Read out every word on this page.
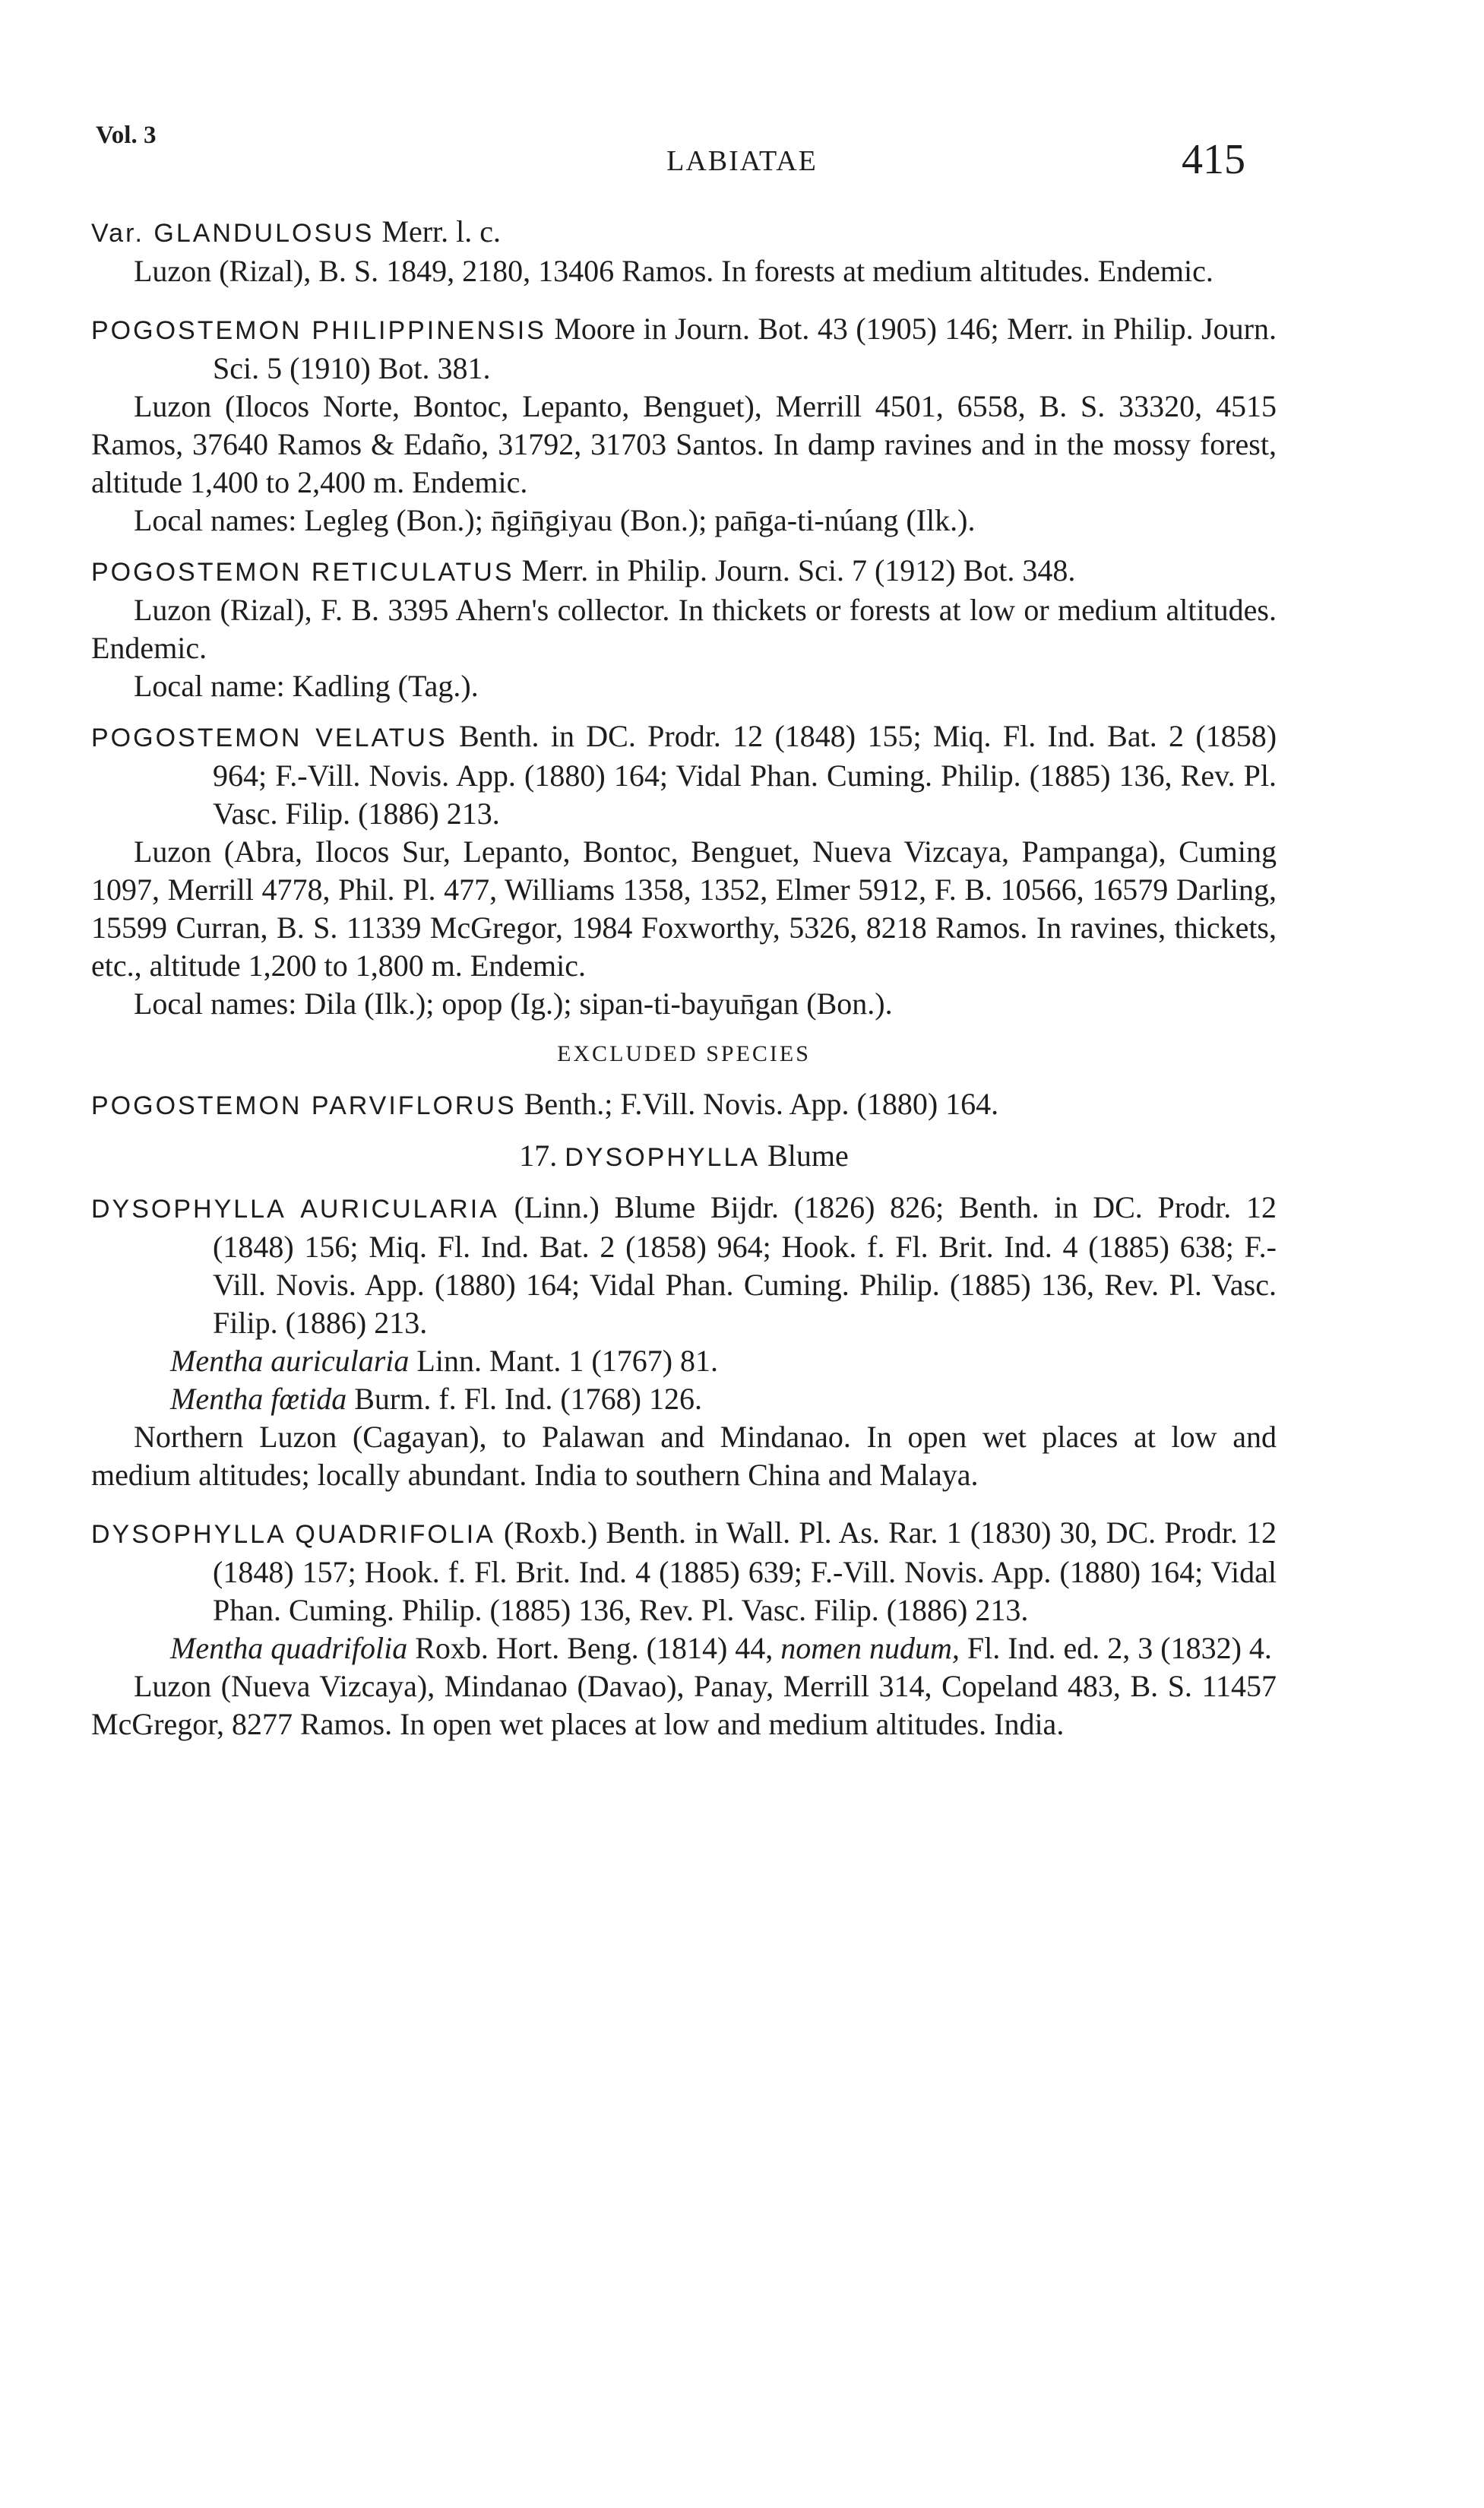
Vol. 3
LABIATAE	415

Var. GLANDULOSUS Merr. l. c.

Luzon (Rizal), B. S. 1849, 2180, 13406 Ramos. In forests at medium altitudes. Endemic.

POGOSTEMON PHILIPPINENSIS Moore in Journ. Bot. 43 (1905) 146; Merr. in Philip. Journ. Sci. 5 (1910) Bot. 381.

Luzon (Ilocos Norte, Bontoc, Lepanto, Benguet), Merrill 4501, 6558, B. S. 33320, 4515 Ramos, 37640 Ramos & Edaño, 31792, 31703 Santos. In damp ravines and in the mossy forest, altitude 1,400 to 2,400 m. Endemic.

Local names: Legleg (Bon.); n̄gin̄giyau (Bon.); pan̄ga-ti-núang (Ilk.).

POGOSTEMON RETICULATUS Merr. in Philip. Journ. Sci. 7 (1912) Bot. 348.

Luzon (Rizal), F. B. 3395 Ahern's collector. In thickets or forests at low or medium altitudes. Endemic.

Local name: Kadling (Tag.).

POGOSTEMON VELATUS Benth. in DC. Prodr. 12 (1848) 155; Miq. Fl. Ind. Bat. 2 (1858) 964; F.-Vill. Novis. App. (1880) 164; Vidal Phan. Cuming. Philip. (1885) 136, Rev. Pl. Vasc. Filip. (1886) 213.

Luzon (Abra, Ilocos Sur, Lepanto, Bontoc, Benguet, Nueva Vizcaya, Pampanga), Cuming 1097, Merrill 4778, Phil. Pl. 477, Williams 1358, 1352, Elmer 5912, F. B. 10566, 16579 Darling, 15599 Curran, B. S. 11339 McGregor, 1984 Foxworthy, 5326, 8218 Ramos. In ravines, thickets, etc., altitude 1,200 to 1,800 m. Endemic.

Local names: Dila (Ilk.); opop (Ig.); sipan-ti-bayun̄gan (Bon.).

EXCLUDED SPECIES

POGOSTEMON PARVIFLORUS Benth.; F.Vill. Novis. App. (1880) 164.

17. DYSOPHYLLA Blume

DYSOPHYLLA AURICULARIA (Linn.) Blume Bijdr. (1826) 826; Benth. in DC. Prodr. 12 (1848) 156; Miq. Fl. Ind. Bat. 2 (1858) 964; Hook. f. Fl. Brit. Ind. 4 (1885) 638; F.-Vill. Novis. App. (1880) 164; Vidal Phan. Cuming. Philip. (1885) 136, Rev. Pl. Vasc. Filip. (1886) 213.

Mentha auricularia Linn. Mant. 1 (1767) 81.

Mentha fœtida Burm. f. Fl. Ind. (1768) 126.

Northern Luzon (Cagayan), to Palawan and Mindanao. In open wet places at low and medium altitudes; locally abundant. India to southern China and Malaya.

DYSOPHYLLA QUADRIFOLIA (Roxb.) Benth. in Wall. Pl. As. Rar. 1 (1830) 30, DC. Prodr. 12 (1848) 157; Hook. f. Fl. Brit. Ind. 4 (1885) 639; F.-Vill. Novis. App. (1880) 164; Vidal Phan. Cuming. Philip. (1885) 136, Rev. Pl. Vasc. Filip. (1886) 213.

Mentha quadrifolia Roxb. Hort. Beng. (1814) 44, nomen nudum, Fl. Ind. ed. 2, 3 (1832) 4.

Luzon (Nueva Vizcaya), Mindanao (Davao), Panay, Merrill 314, Copeland 483, B. S. 11457 McGregor, 8277 Ramos. In open wet places at low and medium altitudes. India.
